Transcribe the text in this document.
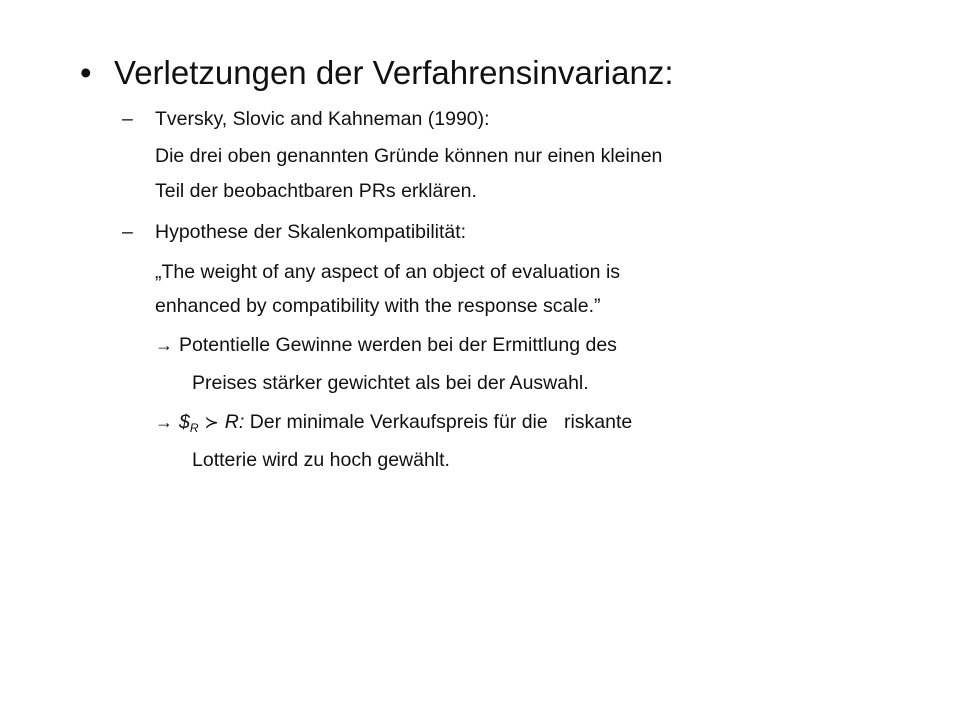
• Verletzungen der Verfahrensinvarianz:
– Tversky, Slovic and Kahneman (1990):
Die drei oben genannten Gründe können nur einen kleinen
Teil der beobachtbaren PRs erklären.
– Hypothese der Skalenkompatibilität:
„The weight of any aspect of an object of evaluation is
enhanced by compatibility with the response scale.”
→ Potentielle Gewinne werden bei der Ermittlung des
Preises stärker gewichtet als bei der Auswahl.
→ $\$_R$ ≻ R: Der minimale Verkaufspreis für die   riskante
Lotterie wird zu hoch gewählt.
